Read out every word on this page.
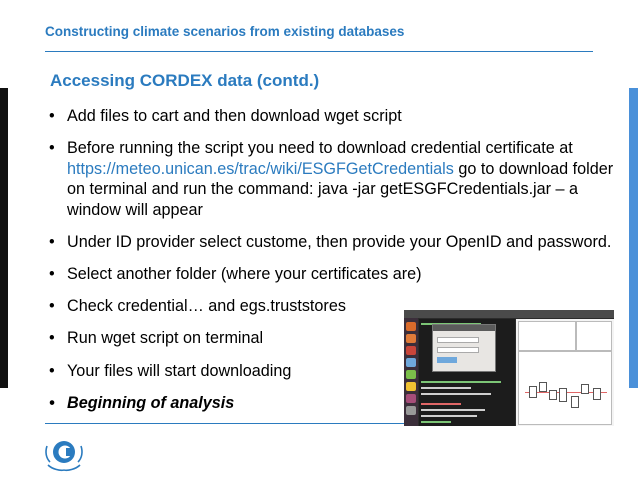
Constructing climate scenarios from existing databases
Accessing CORDEX data (contd.)
• Add files to cart and then download wget script
• Before running the script you need to download credential certificate at https://meteo.unican.es/trac/wiki/ESGFGetCredentials go to download folder on terminal and run the command: java -jar getESGFCredentials.jar – a window will appear
• Under ID provider select custome, then provide your OpenID and password.
• Select another folder (where your certificates are)
• Check credential… and egs.truststores
• Run wget script on terminal
• Your files will start downloading
• Beginning of analysis
